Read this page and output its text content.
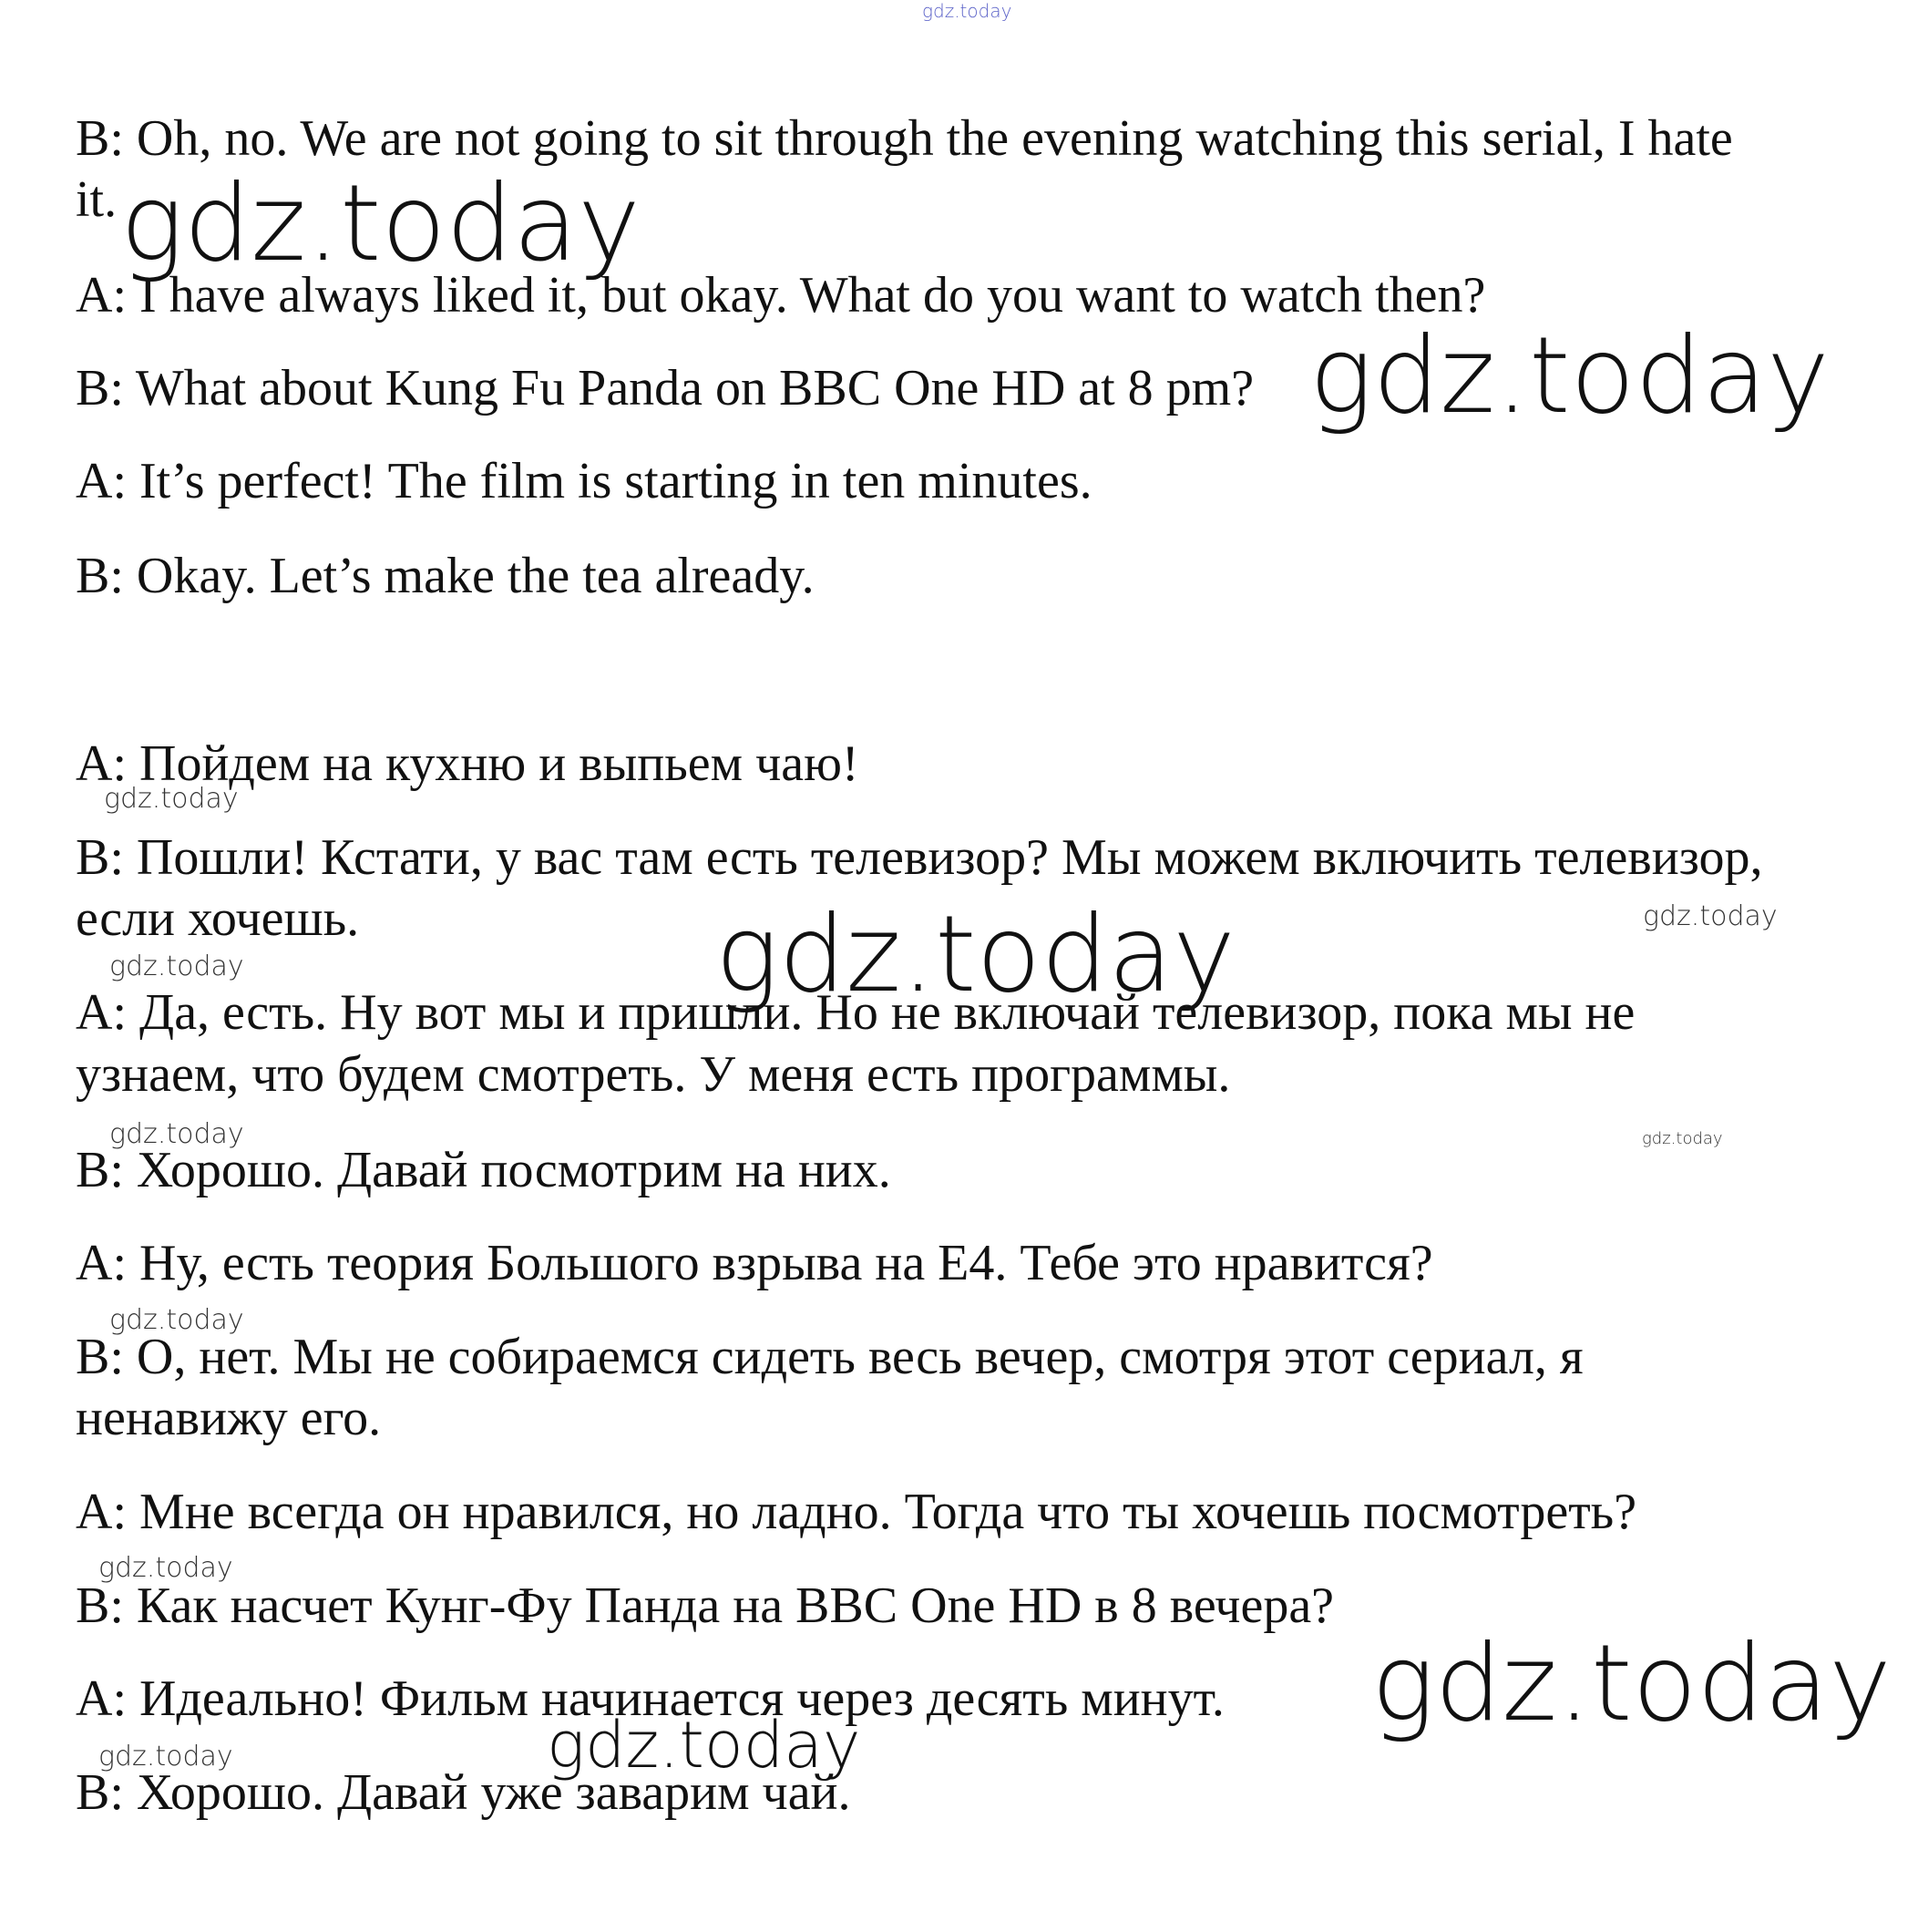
gdz.today

B: Oh, no. We are not going to sit through the evening watching this serial, I hate

it. gdz.today

A: I have always liked it, but okay. What do you want to watch then?

B: What about Kung Fu Panda on BBC One HD at 8 pm? gdz.today

A: It’s perfect! The film is starting in ten minutes.

B: Okay. Let’s make the tea already.

A: Пойдем на кухню и выпьем чаю!

gdz.today

B: Пошли! Кстати, у вас там есть телевизор? Мы можем включить телевизор,

если хочешь.	gdz.today
gdz.today
gdz.today

A: Да, есть. Ну вот мы и пришли. Но не включай телевизор, пока мы не

узнаем, что будем смотреть. У меня есть программы.

gdz.today	gdz.today

B: Хорошо. Давай посмотрим на них.

A: Ну, есть теория Большого взрыва на E4. Тебе это нравится?

gdz.today

B: О, нет. Мы не собираемся сидеть весь вечер, смотря этот сериал, я

ненавижу его.

A: Мне всегда он нравился, но ладно. Тогда что ты хочешь посмотреть?

gdz.today

B: Как насчет Кунг-Фу Панда на BBC One HD в 8 вечера?

gdz.today

A: Идеально! Фильм начинается через десять минут.

gdz.today
gdz.today

B: Хорошо. Давай уже заварим чай.
